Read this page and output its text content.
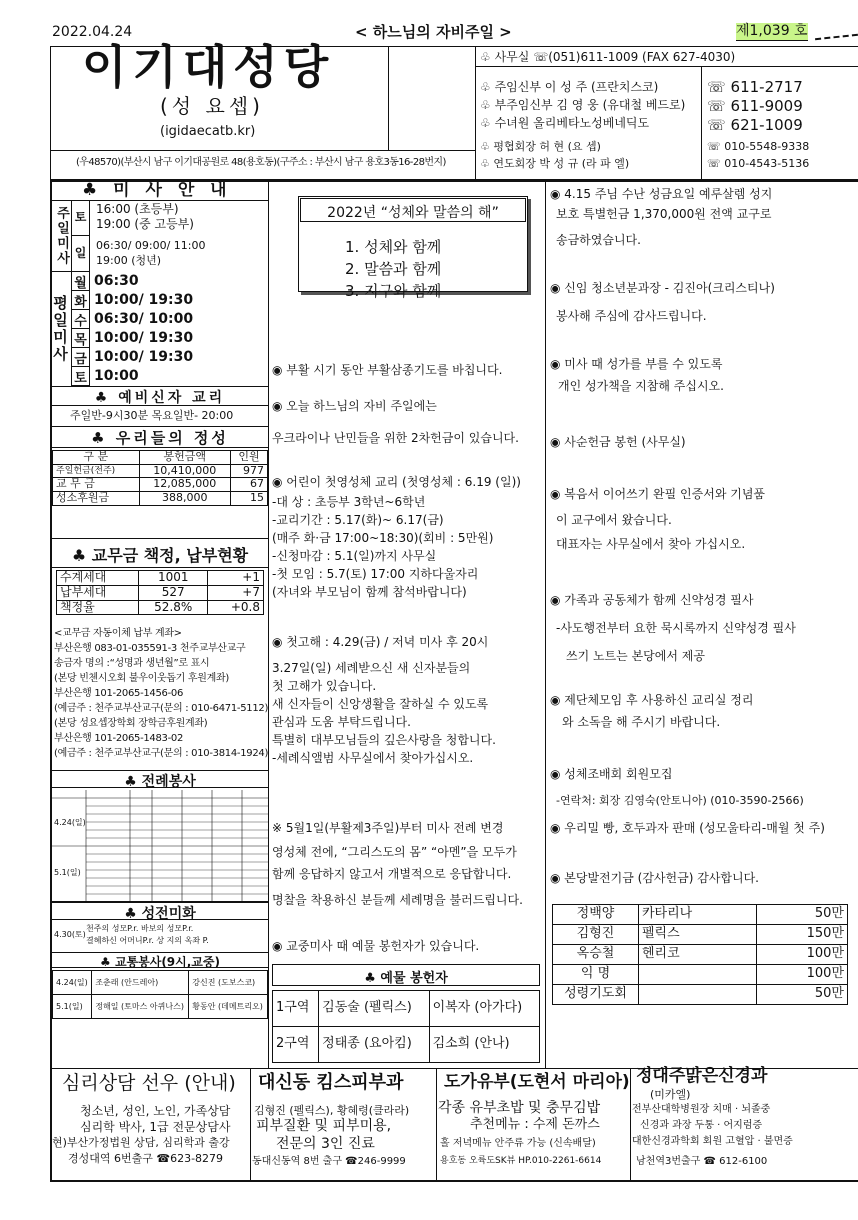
2022.04.24	< 하느님의 자비주일 >	제1,039 호
이기대성당
(성 요셉)
(igidaecatb.kr)
(우48570)(부산시 남구 이기대공원로 48(용호동)(구주소 : 부산시 남구 용호3동16-28번지)
♧ 사무실 ☏(051)611-1009 (FAX 627-4030)
♧ 주임신부 이 성 주 (프란치스코)
♧ 부주임신부 김 영 웅 (유대철 베드로)
♧ 수녀원 올리베타노성베네딕도
♧ 평협회장 허 현 (요 셉)
♧ 연도회장 박 성 규 (라 파 엘)
☏ 611-2717
☏ 611-9009
☏ 621-1009
☏ 010-5548-9338
☏ 010-4543-5136
♣ 미 사 안 내
주일미사 토
16:00 (초등부)
19:00 (중 고등부)
일
06:30/ 09:00/ 11:00
19:00 (청년)
평일미사
월 06:30
화 10:00/ 19:30
수 06:30/ 10:00
목 10:00/ 19:30
금 10:00/ 19:30
토 10:00
♣ 예비신자 교리
주일반-9시30분 목요일반- 20:00
♣ 우리들의 정성
구 분	봉헌금액	인원
주일헌금(전주)	10,410,000	977
교 무 금	12,085,000	67
성소후원금	388,000	15
♣ 교무금 책정, 납부현황
수계세대	1001	+1
납부세대	527	+7
책정율	52.8%	+0.8
<교무금 자동이체 납부 계좌>
부산은행 083-01-035591-3 천주교부산교구
송금자 명의 :“성명과 생년월”로 표시
(본당 빈첸시오회 불우이웃돕기 후원계좌)
부산은행 101-2065-1456-06
(예금주 : 천주교부산교구(문의 : 010-6471-5112)
(본당 성요셉장학회 장학금후원계좌)
부산은행 101-2065-1483-02
(예금주 : 천주교부산교구(문의 : 010-3814-1924)
♣ 전례봉사
4.24(일)
5.1(일)
♣ 성전미화
4.30(토)
천주의 성모P.r. 바보의 성모P.r.
결혜하신 어머니P.r. 상 지의 옥좌 P.
♣ 교통봉사(9시,교중)
4.24(일)	조춘래 (안드레아)	강신진 (도보스코)
5.1(일)	정해일 (토마스 아퀴나스)	황동안 (데메트리오)
2022년 “성체와 말씀의 해”
1. 성체와 함께
2. 말씀과 함께
3. 지구와 함께
◉ 부활 시기 동안 부활삼종기도를 바칩니다.
◉ 오늘 하느님의 자비 주일에는
우크라이나 난민들을 위한 2차헌금이 있습니다.
◉ 어린이 첫영성체 교리 (첫영성체 : 6.19 (일))
-대 상 : 초등부 3학년~6학년
-교리기간 : 5.17(화)~ 6.17(금)
(매주 화·금 17:00~18:30)(회비 : 5만원)
-신청마감 : 5.1(일)까지 사무실
-첫 모임 : 5.7(토) 17:00 지하다울자리
(자녀와 부모님이 함께 참석바랍니다)
◉ 첫고해 : 4.29(금) / 저녁 미사 후 20시
3.27일(일) 세례받으신 새 신자분들의
첫 고해가 있습니다.
새 신자들이 신앙생활을 잘하실 수 있도록
관심과 도움 부탁드립니다.
특별히 대부모님들의 깊은사랑을 청합니다.
-세례식앨범 사무실에서 찾아가십시오.
※ 5월1일(부활제3주일)부터 미사 전례 변경
영성체 전에, “그리스도의 몸” “아멘”을 모두가
함께 응답하지 않고서 개별적으로 응답합니다.
명찰을 착용하신 분들께 세례명을 불러드립니다.
◉ 교중미사 때 예물 봉헌자가 있습니다.
♣ 예물 봉헌자
1구역	김동술 (펠릭스)	이복자 (아가다)
2구역	정태종 (요아킴)	김소희 (안나)
◉ 4.15 주님 수난 성금요일 예루살렘 성지
보호 특별헌금 1,370,000원 전액 교구로
송금하였습니다.
◉ 신임 청소년분과장 - 김진아(크리스티나)
봉사해 주심에 감사드립니다.
◉ 미사 때 성가를 부를 수 있도록
개인 성가책을 지참해 주십시오.
◉ 사순헌금 봉헌 (사무실)
◉ 복음서 이어쓰기 완필 인증서와 기념품
이 교구에서 왔습니다.
대표자는 사무실에서 찾아 가십시오.
◉ 가족과 공동체가 함께 신약성경 필사
-사도행전부터 요한 묵시록까지 신약성경 필사
쓰기 노트는 본당에서 제공
◉ 제단체모임 후 사용하신 교리실 정리
와 소독을 해 주시기 바랍니다.
◉ 성체조배회 회원모집
-연락처: 회장 김영숙(안토니아) (010-3590-2566)
◉ 우리밀 빵, 호두과자 판매 (성모울타리-매월 첫 주)
◉ 본당발전기금 (감사헌금) 감사합니다.
정백양	카타리나	50만
김형진	펠릭스	150만
옥승철	헨리코	100만
익 명		100만
성령기도회		50만
심리상담 선우 (안내)
청소년, 성인, 노인, 가족상담
심리학 박사, 1급 전문상담사
현)부산가정법원 상담, 심리학과 출강
경성대역 6번출구 ☎623-8279
대신동 킴스피부과
김형진 (펠릭스), 황혜령(클라라)
피부질환 및 피부미용,
전문의 3인 진료
동대신동역 8번 출구 ☎246-9999
도가유부(도현서 마리아)
각종 유부초밥 및 충무김밥
추천메뉴 : 수제 돈까스
홀 저녁메뉴 안주류 가능 (신속배달)
용호동 오륙도SK뷰 HP.010-2261-6614
정대주맑은신경과
(미카엘)
전부산대학병원장 치매 · 뇌졸중
신경과 과장 두통 · 어지럼증
대한신경과학회 회원 고혈압 · 불면증
남천역3번출구 ☎ 612-6100
